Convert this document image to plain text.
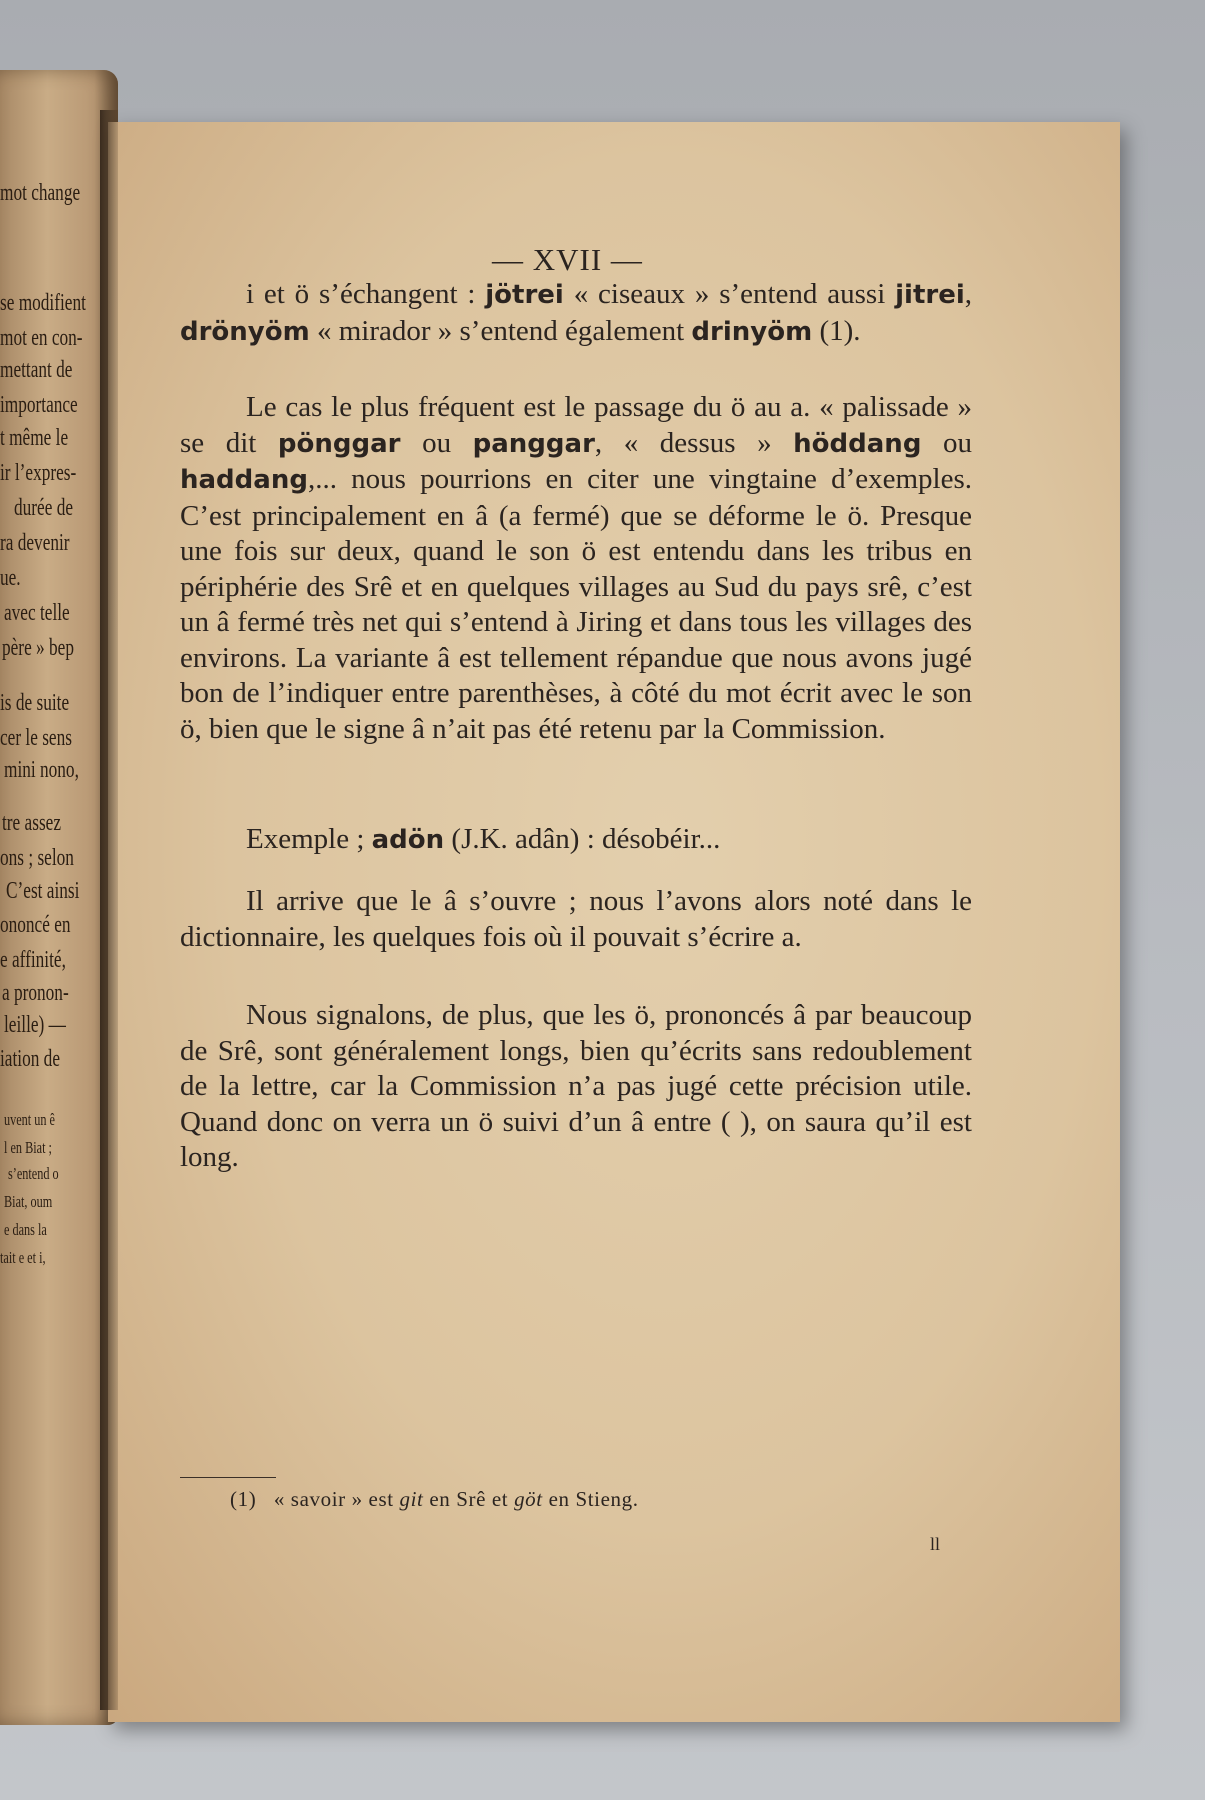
mot change
se modifient
mot en con-
mettant de
importance
t même le
ir l’expres-
durée de
ra devenir
ue.
avec telle
père » bep
is de suite
cer le sens
mini nono,
tre assez
ons ; selon
C’est ainsi
ononcé en
e affinité,
a pronon-
leille) —
iation de
uvent un ê
l en Biat ;
s’entend o
Biat, oum
e dans la
tait e et i,
— XVII —
i et ö s’échangent : jötrei « ciseaux » s’entend aussi jitrei, drönyöm « mirador » s’entend également drinyöm (1).
Le cas le plus fréquent est le passage du ö au a. « palissade » se dit pönggar ou panggar, « dessus » höddang ou haddang,... nous pourrions en citer une vingtaine d’exemples. C’est principalement en â (a fermé) que se déforme le ö. Presque une fois sur deux, quand le son ö est entendu dans les tribus en périphérie des Srê et en quelques villages au Sud du pays srê, c’est un â fermé très net qui s’entend à Jiring et dans tous les villages des environs. La variante â est tellement répandue que nous avons jugé bon de l’indiquer entre parenthèses, à côté du mot écrit avec le son ö, bien que le signe â n’ait pas été retenu par la Commission.
Exemple ; adön (J.K. adân) : désobéir...
Il arrive que le â s’ouvre ; nous l’avons alors noté dans le dictionnaire, les quelques fois où il pouvait s’écrire a.
Nous signalons, de plus, que les ö, prononcés â par beaucoup de Srê, sont généralement longs, bien qu’écrits sans redoublement de la lettre, car la Commission n’a pas jugé cette précision utile. Quand donc on verra un ö suivi d’un â entre ( ), on saura qu’il est long.
(1) « savoir » est git en Srê et göt en Stieng.
ll
